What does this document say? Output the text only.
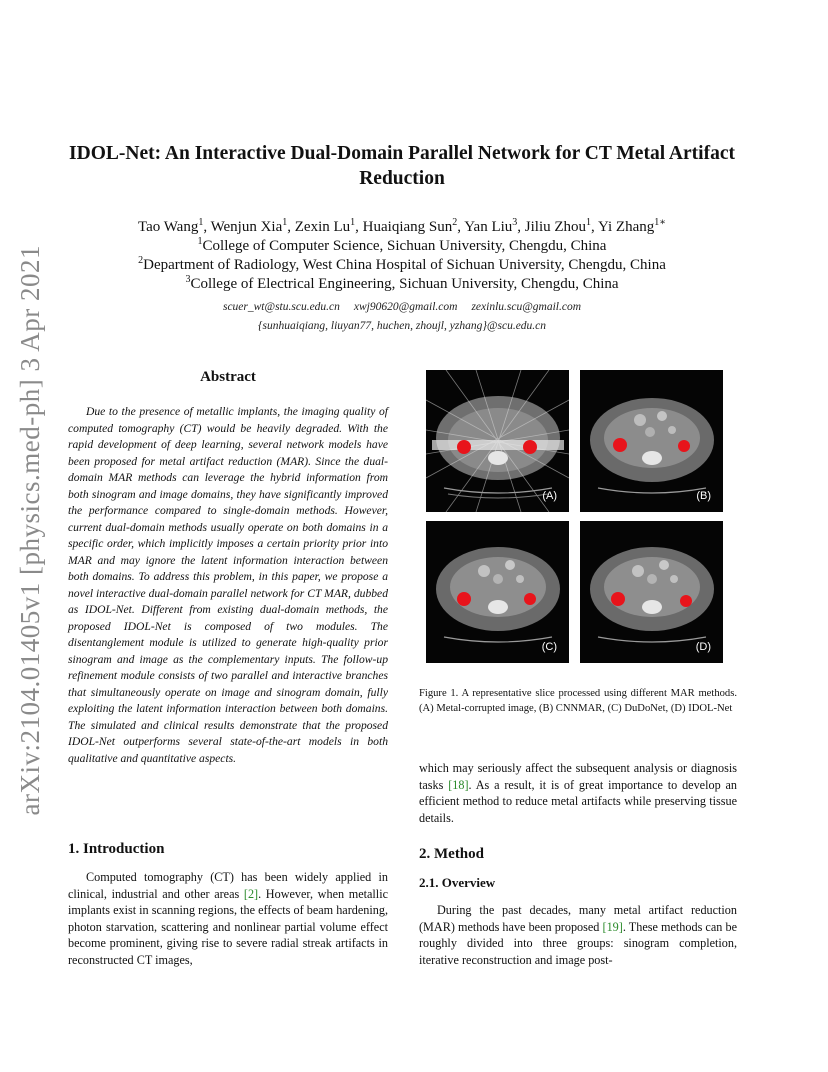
arXiv:2104.01405v1 [physics.med-ph] 3 Apr 2021
IDOL-Net: An Interactive Dual-Domain Parallel Network for CT Metal Artifact
Reduction
Tao Wang$^1$, Wenjun Xia$^1$, Zexin Lu$^1$, Huaiqiang Sun$^2$, Yan Liu$^3$, Jiliu Zhou$^1$, Yi Zhang$^{1∗}$
$^1$College of Computer Science, Sichuan University, Chengdu, China
$^2$Department of Radiology, West China Hospital of Sichuan University, Chengdu, China
$^3$College of Electrical Engineering, Sichuan University, Chengdu, China
scuer_wt@stu.scu.edu.cn xwj90620@gmail.com zexinlu.scu@gmail.com
{sunhuaiqiang, liuyan77, huchen, zhoujl, yzhang}@scu.edu.cn
Abstract
Due to the presence of metallic implants, the imaging quality of computed tomography (CT) would be heavily degraded. With the rapid development of deep learning, several network models have been proposed for metal artifact reduction (MAR). Since the dual-domain MAR methods can leverage the hybrid information from both sinogram and image domains, they have significantly improved the performance compared to single-domain methods. However, current dual-domain methods usually operate on both domains in a specific order, which implicitly imposes a certain priority prior into MAR and may ignore the latent information interaction between both domains. To address this problem, in this paper, we propose a novel interactive dual-domain parallel network for CT MAR, dubbed as IDOL-Net. Different from existing dual-domain methods, the proposed IDOL-Net is composed of two modules. The disentanglement module is utilized to generate high-quality prior sinogram and image as the complementary inputs. The follow-up refinement module consists of two parallel and interactive branches that simultaneously operate on image and sinogram domain, fully exploiting the latent information interaction between both domains. The simulated and clinical results demonstrate that the proposed IDOL-Net outperforms several state-of-the-art models in both qualitative and quantitative aspects.
1. Introduction
Computed tomography (CT) has been widely applied in clinical, industrial and other areas [2]. However, when metallic implants exist in scanning regions, the effects of beam hardening, photon starvation, scattering and nonlinear partial volume effect become prominent, giving rise to severe radial streak artifacts in reconstructed CT images,
(A)	(B)
(C)	(D)
Figure 1. A representative slice processed using different MAR methods. (A) Metal-corrupted image, (B) CNNMAR, (C) DuDoNet, (D) IDOL-Net
which may seriously affect the subsequent analysis or diagnosis tasks [18]. As a result, it is of great importance to develop an efficient method to reduce metal artifacts while preserving tissue details.
2. Method
2.1. Overview
During the past decades, many metal artifact reduction (MAR) methods have been proposed [19]. These methods can be roughly divided into three groups: sinogram completion, iterative reconstruction and image post-
